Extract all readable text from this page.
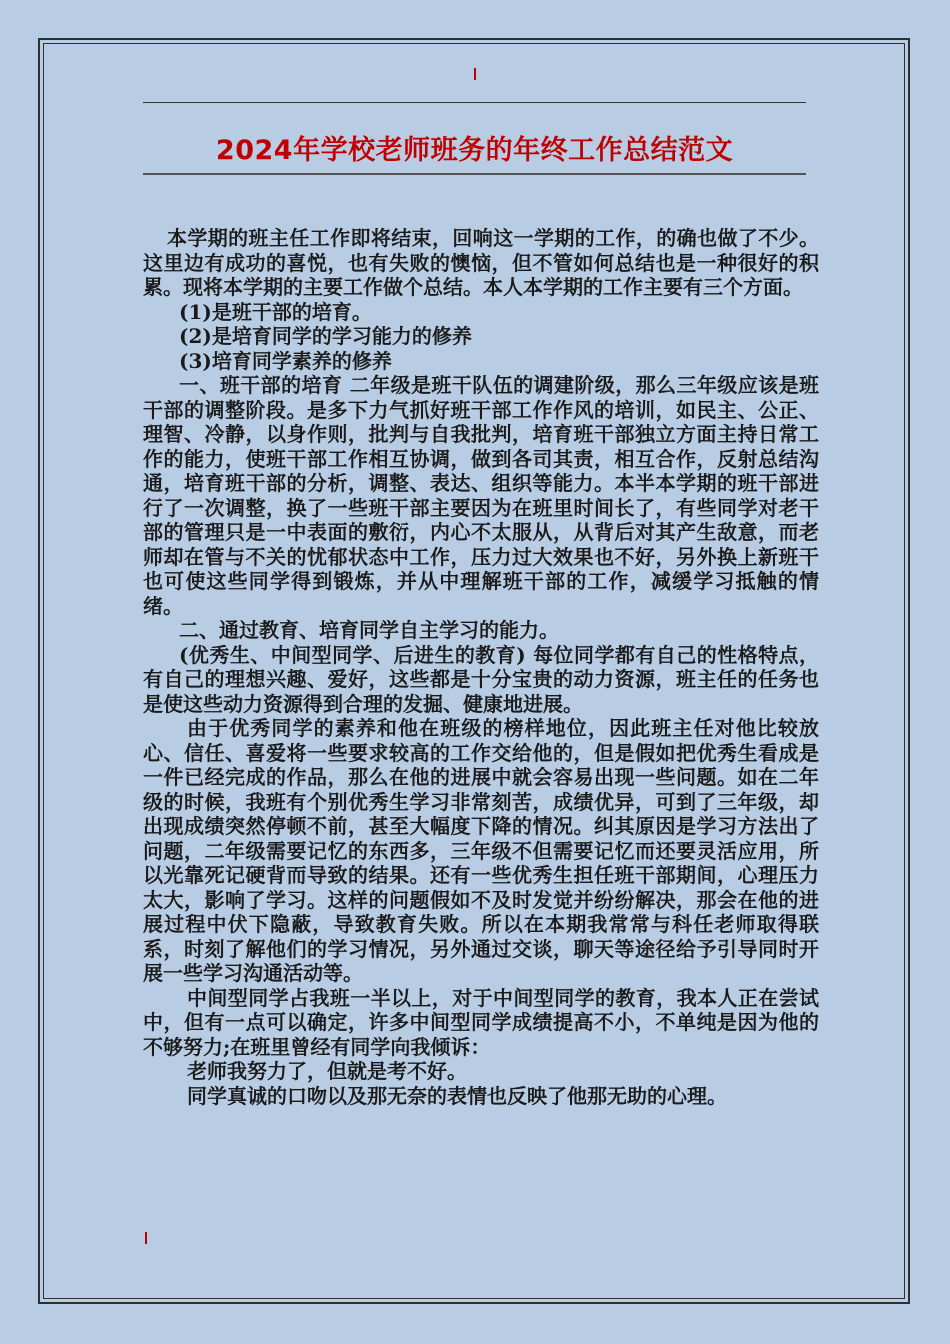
2024年学校老师班务的年终工作总结范文

本学期的班主任工作即将结束，回响这一学期的工作，的确也做了不少。这里边有成功的喜悦，也有失败的懊恼，但不管如何总结也是一种很好的积累。现将本学期的主要工作做个总结。本人本学期的工作主要有三个方面。

(1)是班干部的培育。

(2)是培育同学的学习能力的修养

(3)培育同学素养的修养

一、班干部的培育 二年级是班干队伍的调建阶级，那么三年级应该是班干部的调整阶段。是多下力气抓好班干部工作作风的培训，如民主、公正、理智、冷静，以身作则，批判与自我批判，培育班干部独立方面主持日常工作的能力，使班干部工作相互协调，做到各司其责，相互合作，反射总结沟通，培育班干部的分析，调整、表达、组织等能力。本半本学期的班干部进行了一次调整，换了一些班干部主要因为在班里时间长了，有些同学对老干部的管理只是一中表面的敷衍，内心不太服从，从背后对其产生敌意，而老师却在管与不关的忧郁状态中工作，压力过大效果也不好，另外换上新班干也可使这些同学得到锻炼，并从中理解班干部的工作，减缓学习抵触的情绪。

二、通过教育、培育同学自主学习的能力。

(优秀生、中间型同学、后进生的教育) 每位同学都有自己的性格特点，有自己的理想兴趣、爱好，这些都是十分宝贵的动力资源，班主任的任务也是使这些动力资源得到合理的发掘、健康地进展。

由于优秀同学的素养和他在班级的榜样地位，因此班主任对他比较放心、信任、喜爱将一些要求较高的工作交给他的，但是假如把优秀生看成是一件已经完成的作品，那么在他的进展中就会容易出现一些问题。如在二年级的时候，我班有个别优秀生学习非常刻苦，成绩优异，可到了三年级，却出现成绩突然停顿不前，甚至大幅度下降的情况。纠其原因是学习方法出了问题，二年级需要记忆的东西多，三年级不但需要记忆而还要灵活应用，所以光靠死记硬背而导致的结果。还有一些优秀生担任班干部期间，心理压力太大，影响了学习。这样的问题假如不及时发觉并纷纷解决，那会在他的进展过程中伏下隐蔽，导致教育失败。所以在本期我常常与科任老师取得联系，时刻了解他们的学习情况，另外通过交谈，聊天等途径给予引导同时开展一些学习沟通活动等。

中间型同学占我班一半以上，对于中间型同学的教育，我本人正在尝试中，但有一点可以确定，许多中间型同学成绩提高不小，不单纯是因为他的不够努力;在班里曾经有同学向我倾诉：

老师我努力了，但就是考不好。

同学真诚的口吻以及那无奈的表情也反映了他那无助的心理。
